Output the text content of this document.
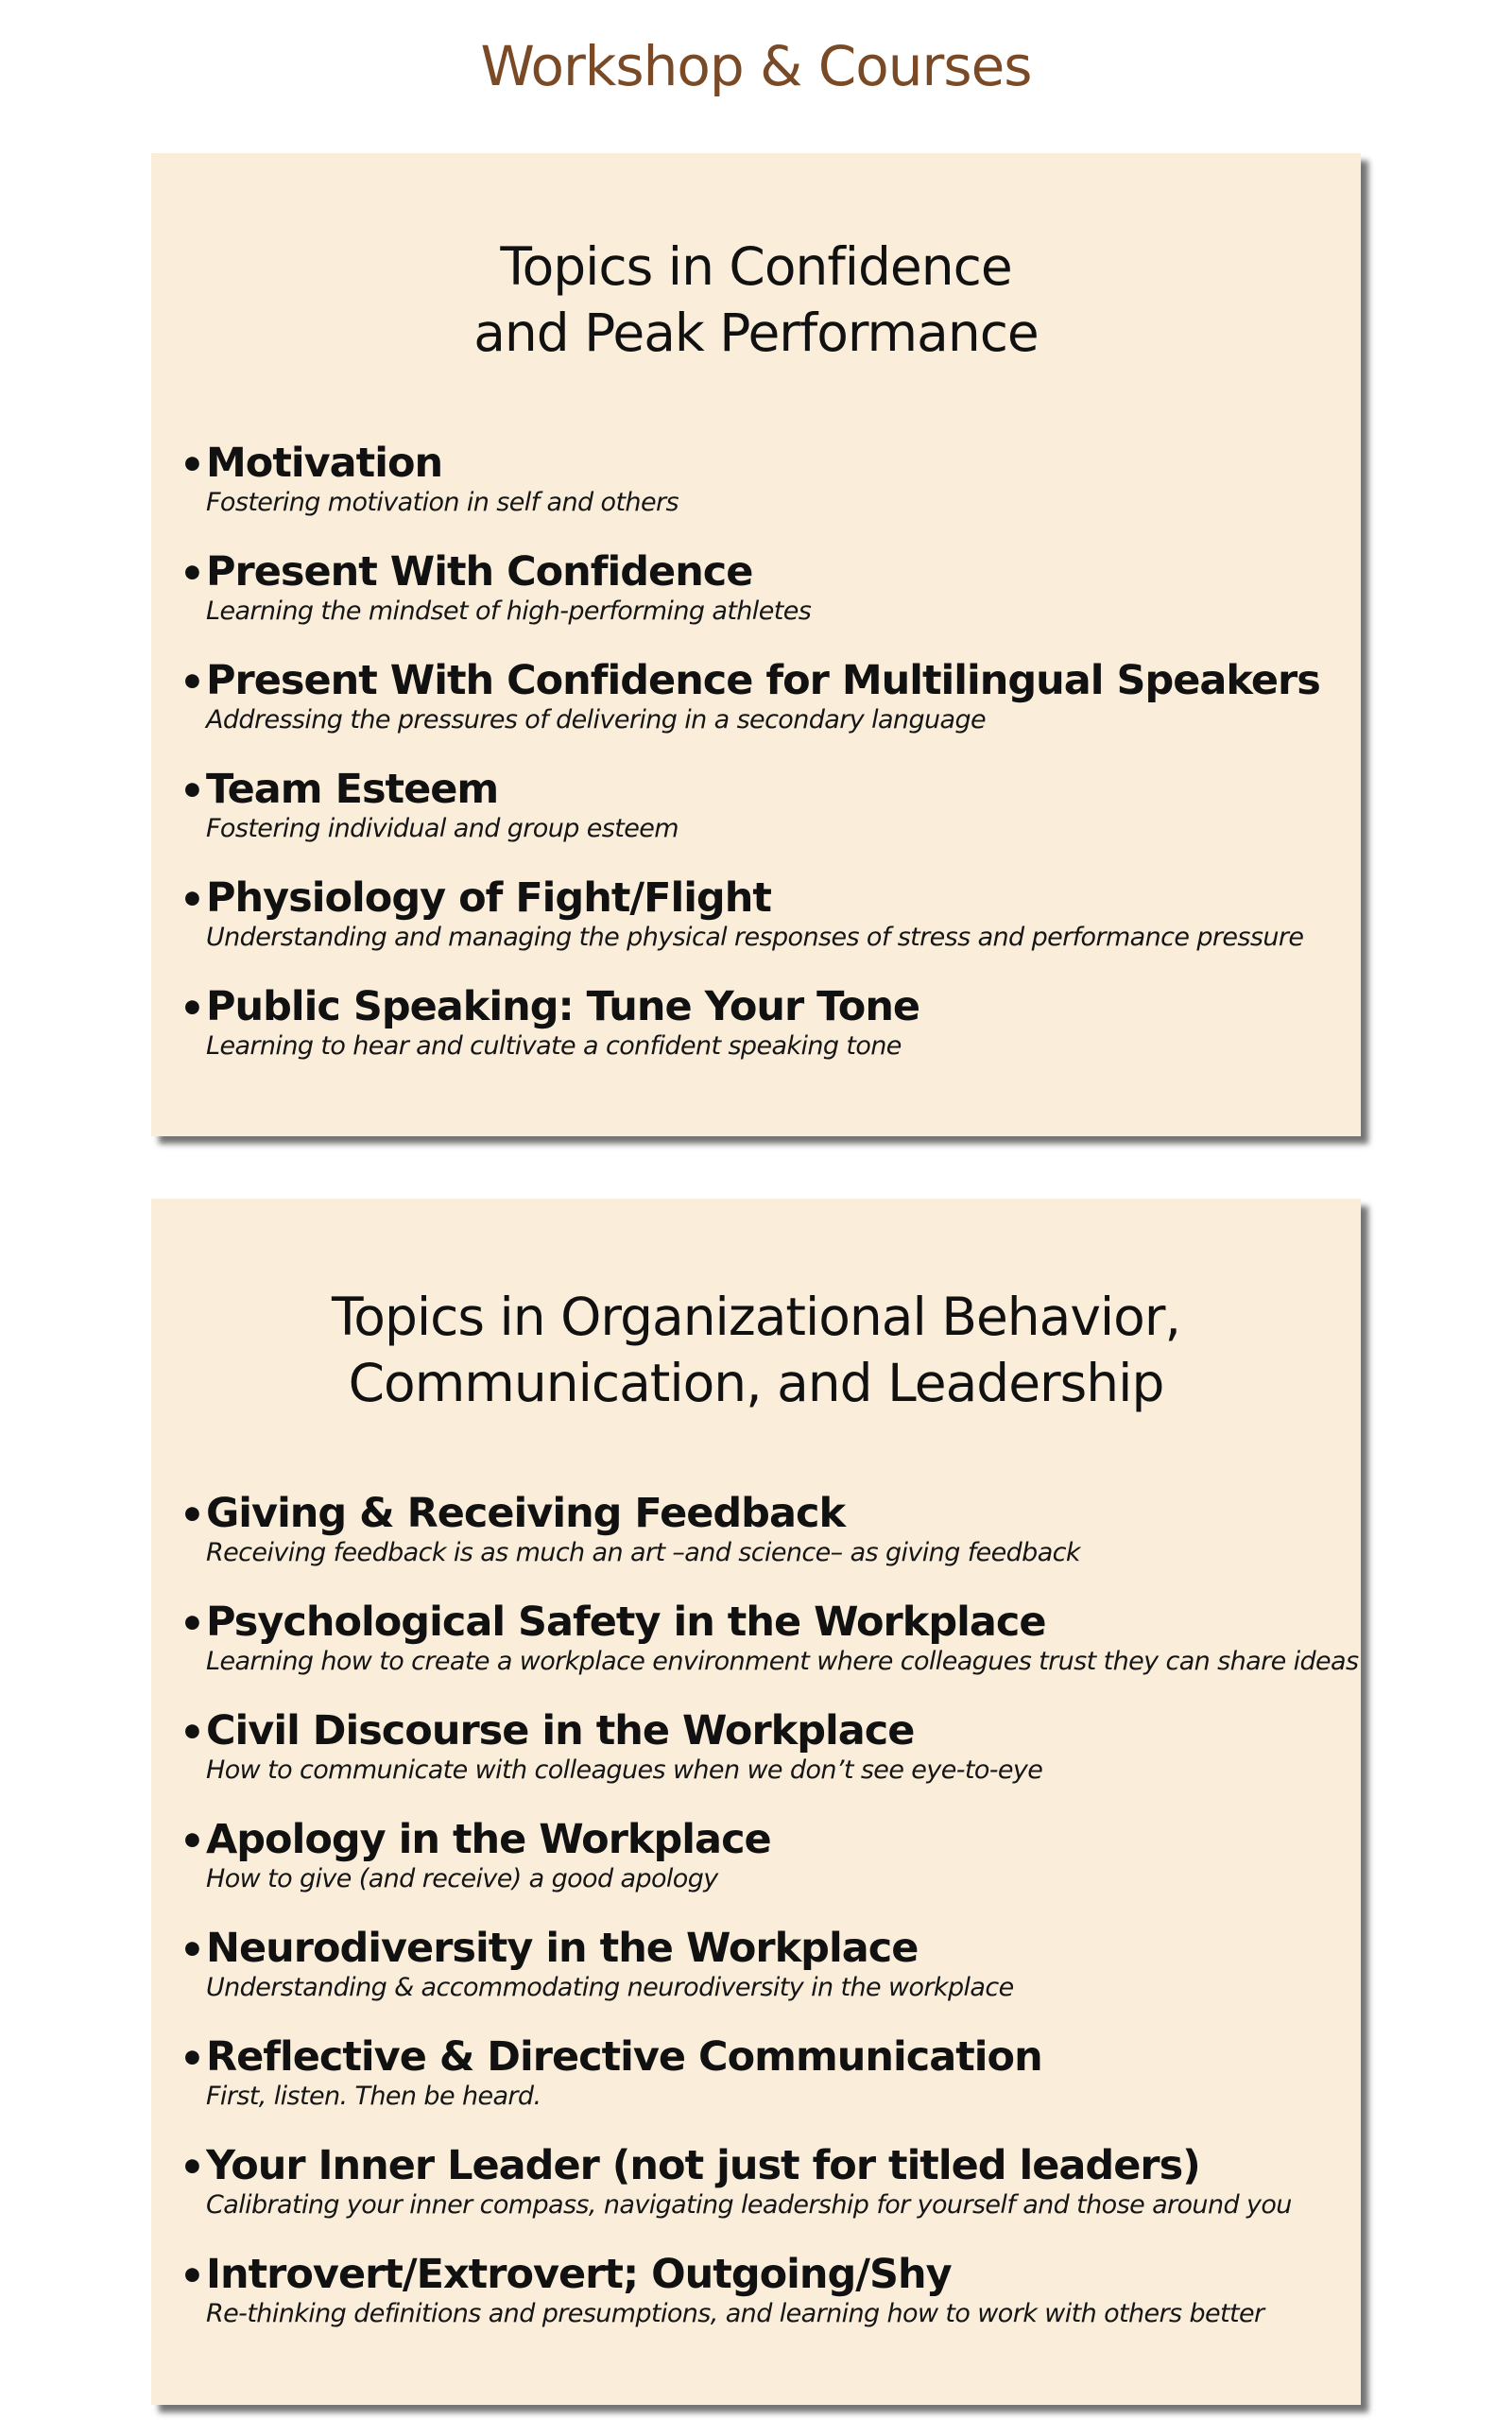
Workshop & Courses
Topics in Confidence
and Peak Performance
• Motivation
Fostering motivation in self and others
• Present With Confidence
Learning the mindset of high-performing athletes
• Present With Confidence for Multilingual Speakers
Addressing the pressures of delivering in a secondary language
• Team Esteem
Fostering individual and group esteem
• Physiology of Fight/Flight
Understanding and managing the physical responses of stress and performance pressure
• Public Speaking: Tune Your Tone
Learning to hear and cultivate a confident speaking tone
Topics in Organizational Behavior,
Communication, and Leadership
• Giving & Receiving Feedback
Receiving feedback is as much an art –and science– as giving feedback
• Psychological Safety in the Workplace
Learning how to create a workplace environment where colleagues trust they can share ideas
• Civil Discourse in the Workplace
How to communicate with colleagues when we don’t see eye-to-eye
• Apology in the Workplace
How to give (and receive) a good apology
• Neurodiversity in the Workplace
Understanding & accommodating neurodiversity in the workplace
• Reflective & Directive Communication
First, listen. Then be heard.
• Your Inner Leader (not just for titled leaders)
Calibrating your inner compass, navigating leadership for yourself and those around you
• Introvert/Extrovert; Outgoing/Shy
Re-thinking definitions and presumptions, and learning how to work with others better
